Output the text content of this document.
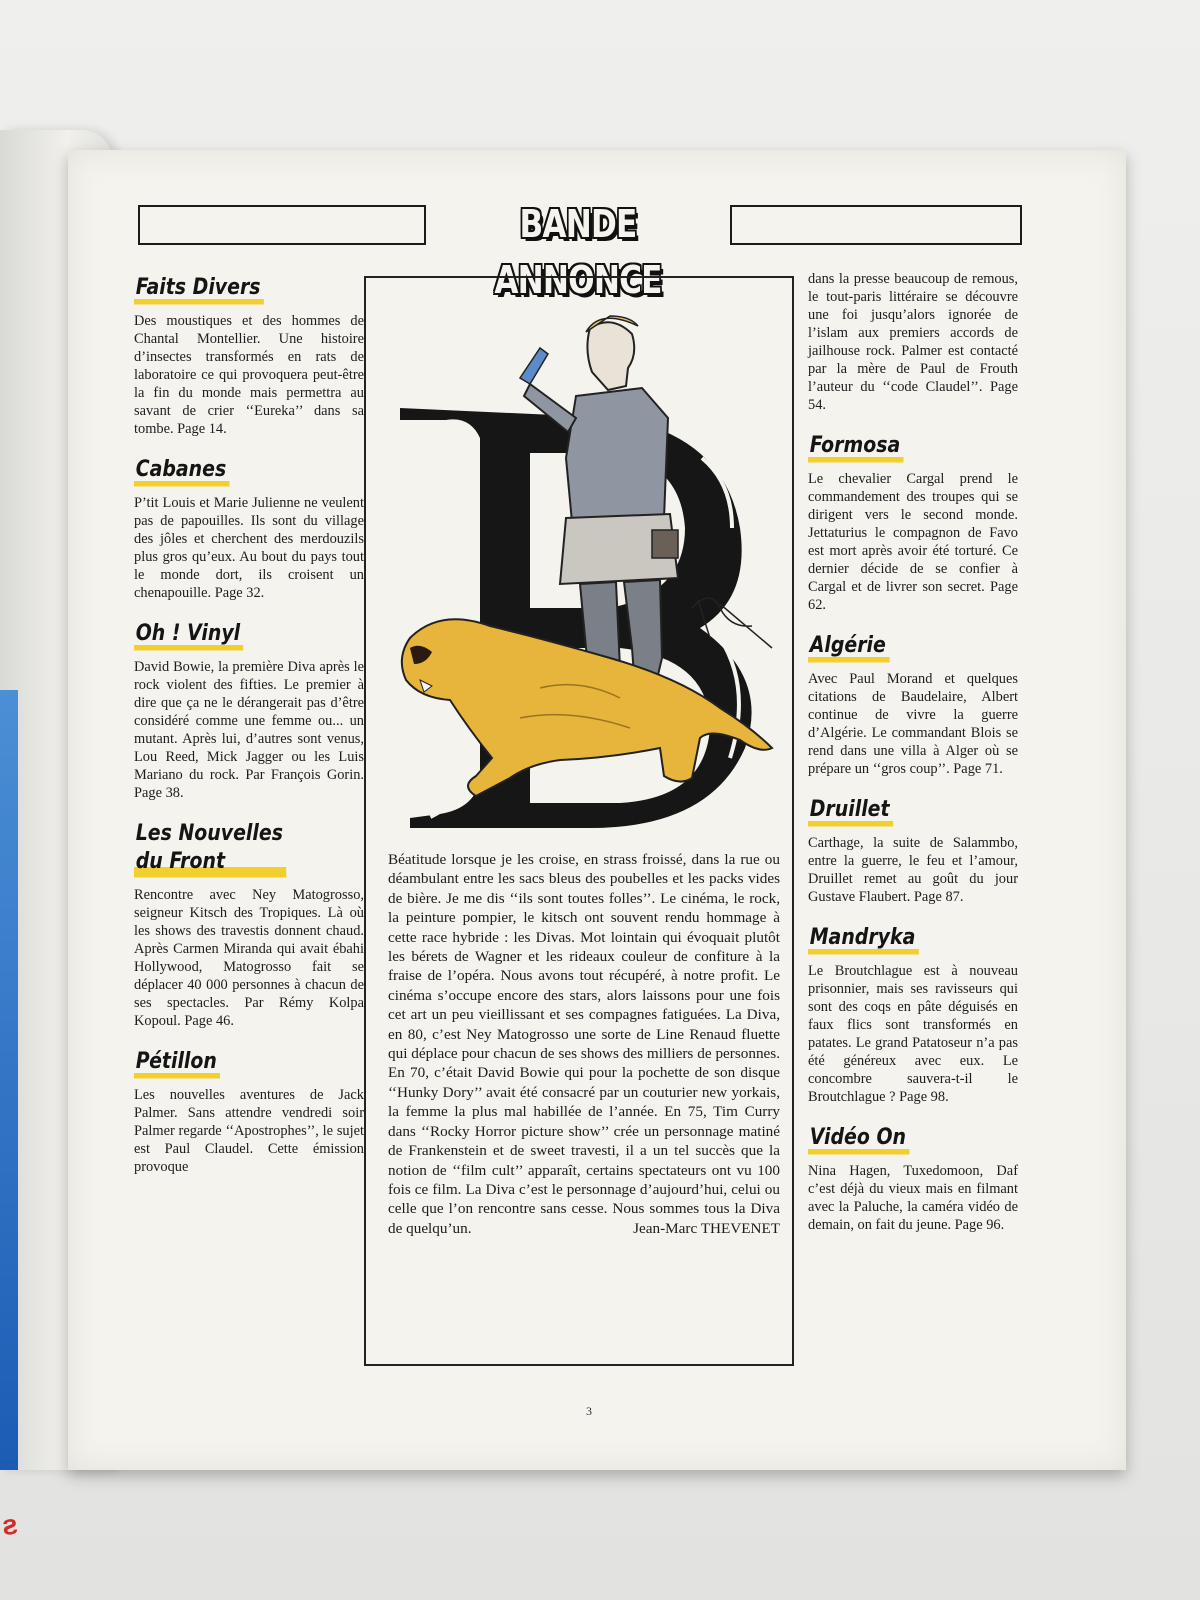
ƨ
BANDE ANNONCE
Faits Divers
Des moustiques et des hommes de Chantal Montellier. Une histoire d’insectes transformés en rats de laboratoire ce qui provoquera peut-être la fin du monde mais permettra au savant de crier ‘‘Eureka’’ dans sa tombe. Page 14.
Cabanes
P’tit Louis et Marie Julienne ne veulent pas de papouilles. Ils sont du village des jôles et cherchent des merdouzils plus gros qu’eux. Au bout du pays tout le monde dort, ils croisent un chenapouille. Page 32.
Oh ! Vinyl
David Bowie, la première Diva après le rock violent des fifties. Le premier à dire que ça ne le dérangerait pas d’être considéré comme une femme ou... un mutant. Après lui, d’autres sont venus, Lou Reed, Mick Jagger ou les Luis Mariano du rock. Par François Gorin. Page 38.
Les Nouvelles
du Front
Rencontre avec Ney Matogrosso, seigneur Kitsch des Tropiques. Là où les shows des travestis donnent chaud. Après Carmen Miranda qui avait ébahi Hollywood, Matogrosso fait se déplacer 40 000 personnes à chacun de ses spectacles. Par Rémy Kolpa Kopoul. Page 46.
Pétillon
Les nouvelles aventures de Jack Palmer. Sans attendre vendredi soir Palmer regarde ‘‘Apostrophes’’, le sujet est Paul Claudel. Cette émission provoque
Béatitude lorsque je les croise, en strass froissé, dans la rue ou déambulant entre les sacs bleus des poubelles et les packs vides de bière. Je me dis ‘‘ils sont toutes folles’’. Le cinéma, le rock, la peinture pompier, le kitsch ont souvent rendu hommage à cette race hybride : les Divas. Mot lointain qui évoquait plutôt les bérets de Wagner et les rideaux couleur de confiture à la fraise de l’opéra. Nous avons tout récupéré, à notre profit. Le cinéma s’occupe encore des stars, alors laissons pour une fois cet art un peu vieillissant et ses compagnes fatiguées. La Diva, en 80, c’est Ney Matogrosso une sorte de Line Renaud fluette qui déplace pour chacun de ses shows des milliers de personnes. En 70, c’était David Bowie qui pour la pochette de son disque ‘‘Hunky Dory’’ avait été consacré par un couturier new yorkais, la femme la plus mal habillée de l’année. En 75, Tim Curry dans ‘‘Rocky Horror picture show’’ crée un personnage matiné de Frankenstein et de sweet travesti, il a un tel succès que la notion de ‘‘film cult’’ apparaît, certains spectateurs ont vu 100 fois ce film. La Diva c’est le personnage d’aujourd’hui, celui ou celle que l’on rencontre sans cesse. Nous sommes tous la Diva de quelqu’un.	Jean-Marc THEVENET
dans la presse beaucoup de remous, le tout-paris littéraire se découvre une foi jusqu’alors ignorée de l’islam aux premiers accords de jailhouse rock. Palmer est contacté par la mère de Paul de Frouth l’auteur du ‘‘code Claudel’’. Page 54.
Formosa
Le chevalier Cargal prend le commandement des troupes qui se dirigent vers le second monde. Jettaturius le compagnon de Favo est mort après avoir été torturé. Ce dernier décide de se confier à Cargal et de livrer son secret. Page 62.
Algérie
Avec Paul Morand et quelques citations de Baudelaire, Albert continue de vivre la guerre d’Algérie. Le commandant Blois se rend dans une villa à Alger où se prépare un ‘‘gros coup’’. Page 71.
Druillet
Carthage, la suite de Salammbo, entre la guerre, le feu et l’amour, Druillet remet au goût du jour Gustave Flaubert. Page 87.
Mandryka
Le Broutchlague est à nouveau prisonnier, mais ses ravisseurs qui sont des coqs en pâte déguisés en faux flics sont transformés en patates. Le grand Patatoseur n’a pas été généreux avec eux. Le concombre sauvera-t-il le Broutchlague ? Page 98.
Vidéo On
Nina Hagen, Tuxedomoon, Daf c’est déjà du vieux mais en filmant avec la Paluche, la caméra vidéo de demain, on fait du jeune. Page 96.
3
